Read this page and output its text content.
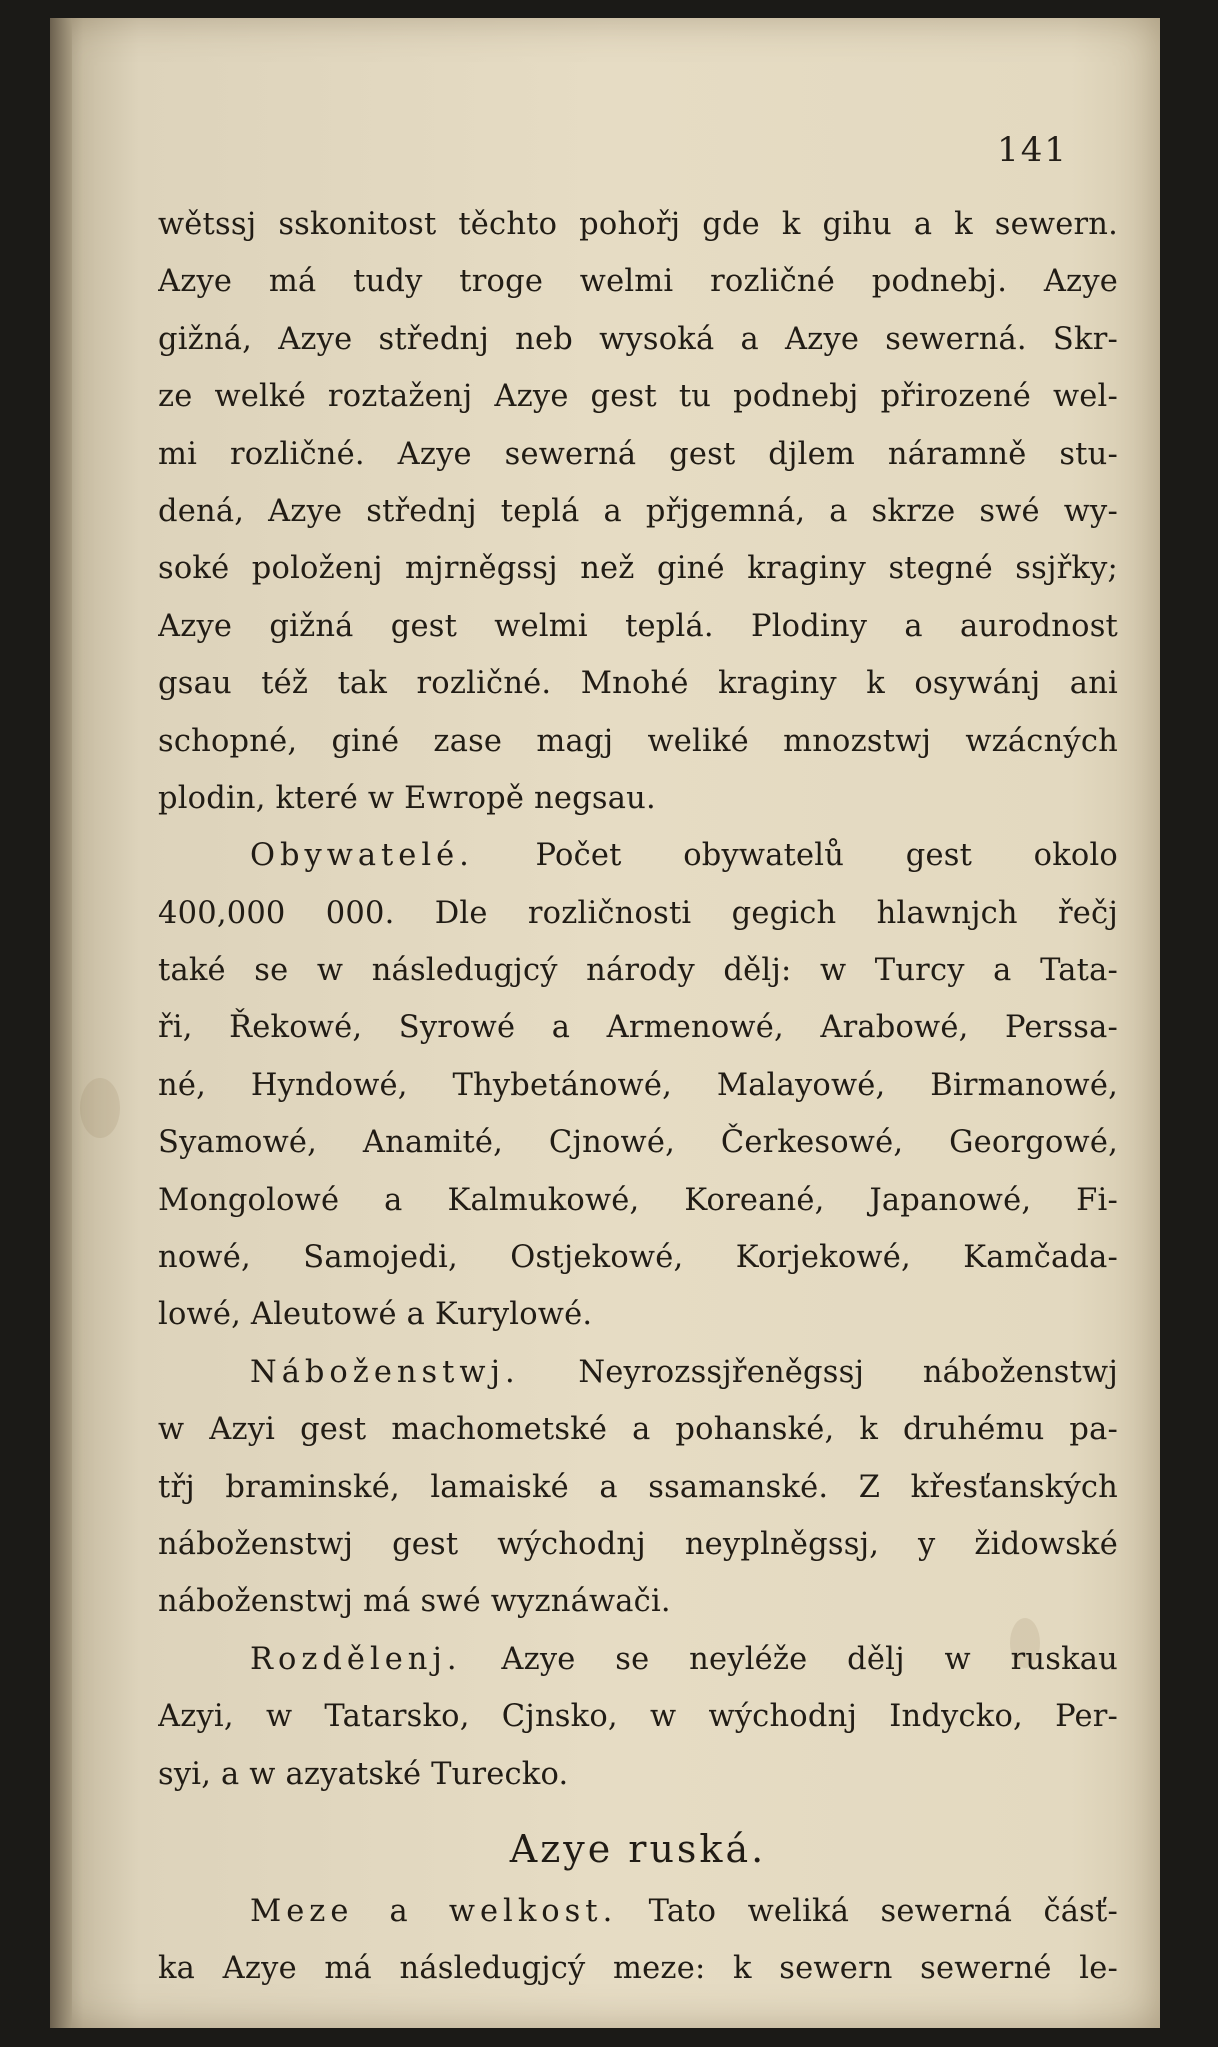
141
wětssj sskonitost těchto pohořj gde k gihu a k sewern.
Azye má tudy troge welmi rozličné podnebj. Azye
gižná, Azye střednj neb wysoká a Azye sewerná. Skr-
ze welké roztaženj Azye gest tu podnebj přirozené wel-
mi rozličné. Azye sewerná gest djlem náramně stu-
dená, Azye střednj teplá a přjgemná, a skrze swé wy-
soké položenj mjrněgssj než giné kraginy stegné ssjřky;
Azye gižná gest welmi teplá. Plodiny a aurodnost
gsau též tak rozličné. Mnohé kraginy k osywánj ani
schopné, giné zase magj weliké mnozstwj wzácných
plodin, které w Ewropě negsau.
Obywatelé. Počet obywatelů gest okolo
400,000 000. Dle rozličnosti gegich hlawnjch řečj
také se w následugjcý národy dělj: w Turcy a Tata-
ři, Řekowé, Syrowé a Armenowé, Arabowé, Perssa-
né, Hyndowé, Thybetánowé, Malayowé, Birmanowé,
Syamowé, Anamité, Cjnowé, Čerkesowé, Georgowé,
Mongolowé a Kalmukowé, Koreané, Japanowé, Fi-
nowé, Samojedi, Ostjekowé, Korjekowé, Kamčada-
lowé, Aleutowé a Kurylowé.
Náboženstwj. Neyrozssjřeněgssj náboženstwj
w Azyi gest machometské a pohanské, k druhému pa-
třj braminské, lamaiské a ssamanské. Z křesťanských
náboženstwj gest wýchodnj neyplněgssj, y židowské
náboženstwj má swé wyznáwači.
Rozdělenj. Azye se neyléže dělj w ruskau
Azyi, w Tatarsko, Cjnsko, w wýchodnj Indycko, Per-
syi, a w azyatské Turecko.
Azye ruská.
Meze a welkost. Tato weliká sewerná čásť-
ka Azye má následugjcý meze: k sewern sewerné le-
